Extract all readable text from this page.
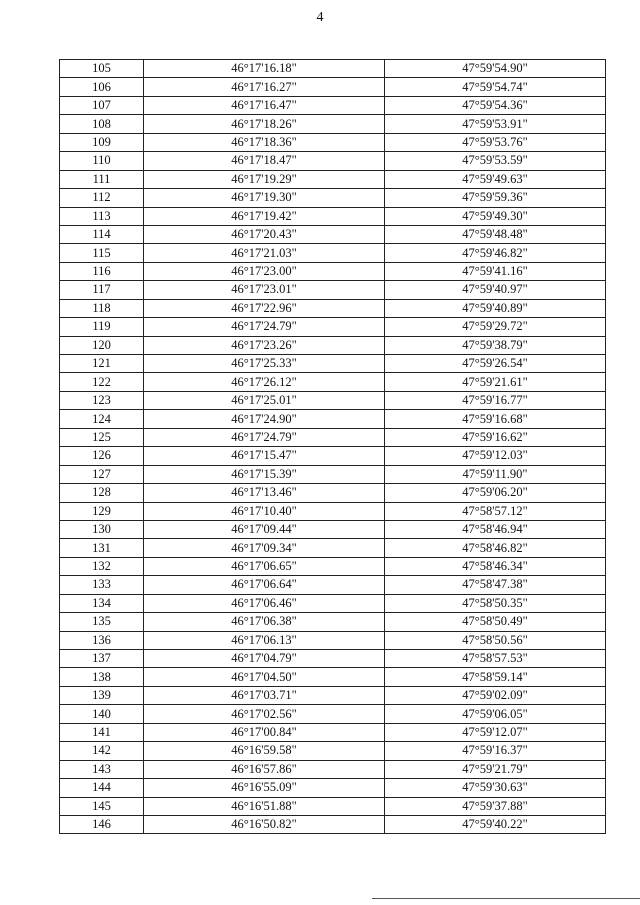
4
105	46°17'16.18"	47°59'54.90"
106	46°17'16.27"	47°59'54.74"
107	46°17'16.47"	47°59'54.36"
108	46°17'18.26"	47°59'53.91"
109	46°17'18.36"	47°59'53.76"
110	46°17'18.47"	47°59'53.59"
111	46°17'19.29"	47°59'49.63"
112	46°17'19.30"	47°59'59.36"
113	46°17'19.42"	47°59'49.30"
114	46°17'20.43"	47°59'48.48"
115	46°17'21.03"	47°59'46.82"
116	46°17'23.00"	47°59'41.16"
117	46°17'23.01"	47°59'40.97"
118	46°17'22.96"	47°59'40.89"
119	46°17'24.79"	47°59'29.72"
120	46°17'23.26"	47°59'38.79"
121	46°17'25.33"	47°59'26.54"
122	46°17'26.12"	47°59'21.61"
123	46°17'25.01"	47°59'16.77"
124	46°17'24.90"	47°59'16.68"
125	46°17'24.79"	47°59'16.62"
126	46°17'15.47"	47°59'12.03"
127	46°17'15.39"	47°59'11.90"
128	46°17'13.46"	47°59'06.20"
129	46°17'10.40"	47°58'57.12"
130	46°17'09.44"	47°58'46.94"
131	46°17'09.34"	47°58'46.82"
132	46°17'06.65"	47°58'46.34"
133	46°17'06.64"	47°58'47.38"
134	46°17'06.46"	47°58'50.35"
135	46°17'06.38"	47°58'50.49"
136	46°17'06.13"	47°58'50.56"
137	46°17'04.79"	47°58'57.53"
138	46°17'04.50"	47°58'59.14"
139	46°17'03.71"	47°59'02.09"
140	46°17'02.56"	47°59'06.05"
141	46°17'00.84"	47°59'12.07"
142	46°16'59.58"	47°59'16.37"
143	46°16'57.86"	47°59'21.79"
144	46°16'55.09"	47°59'30.63"
145	46°16'51.88"	47°59'37.88"
146	46°16'50.82"	47°59'40.22"
